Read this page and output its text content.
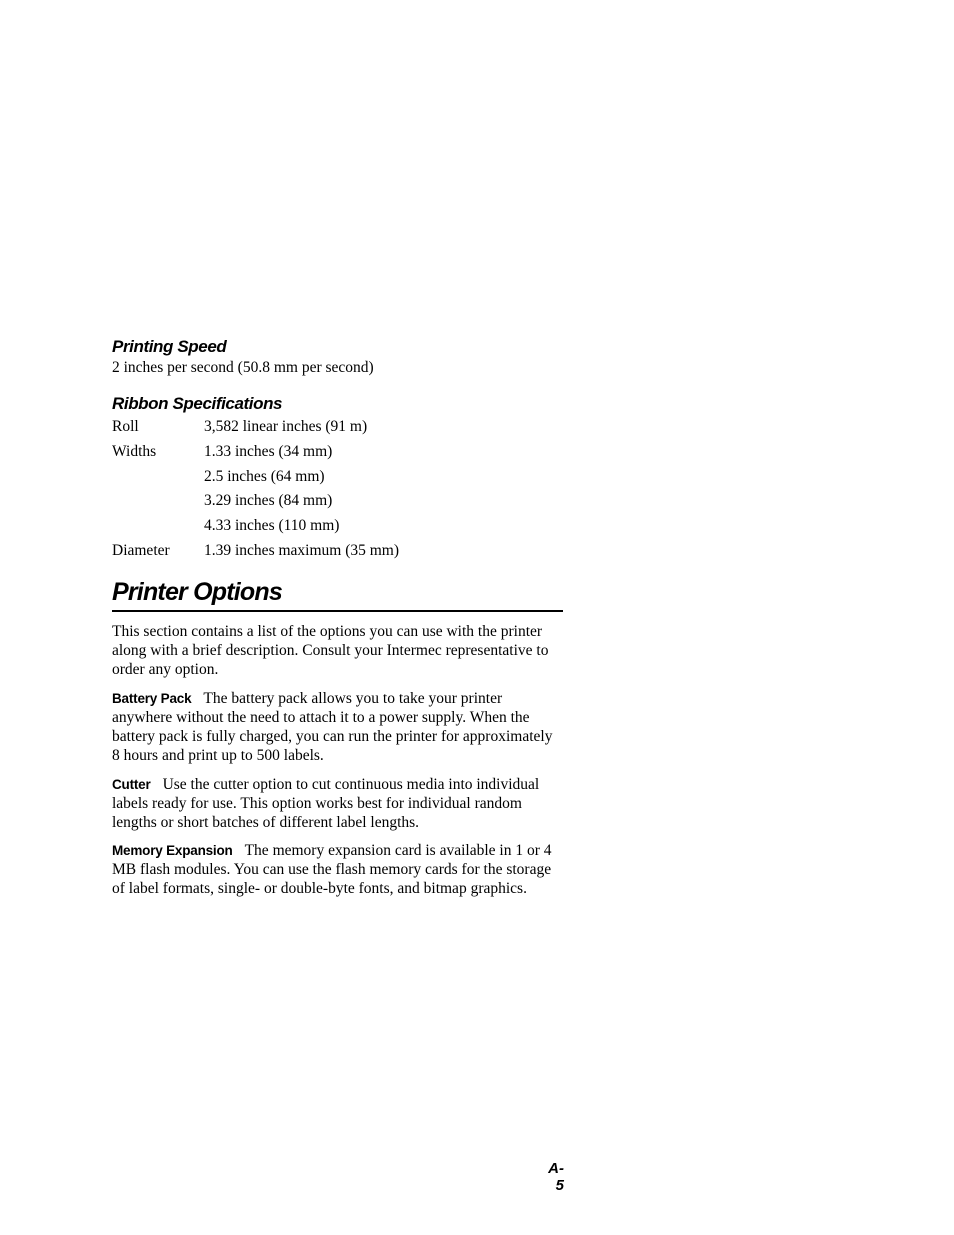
Printing Speed

2 inches per second (50.8 mm per second)

Ribbon Specifications
Roll	3,582 linear inches (91 m)
Widths	1.33 inches (34 mm)
2.5 inches (64 mm)
3.29 inches (84 mm)
4.33 inches (110 mm)
Diameter	1.39 inches maximum (35 mm)
Printer Options

This section contains a list of the options you can use with the printer along with a brief description. Consult your Intermec representative to order any option.

Battery Pack The battery pack allows you to take your printer anywhere without the need to attach it to a power supply. When the battery pack is fully charged, you can run the printer for approximately 8 hours and print up to 500 labels.

Cutter Use the cutter option to cut continuous media into individual labels ready for use. This option works best for individual random lengths or short batches of different label lengths.

Memory Expansion The memory expansion card is available in 1 or 4 MB flash modules. You can use the flash memory cards for the storage of label formats, single- or double-byte fonts, and bitmap graphics.

A-5
